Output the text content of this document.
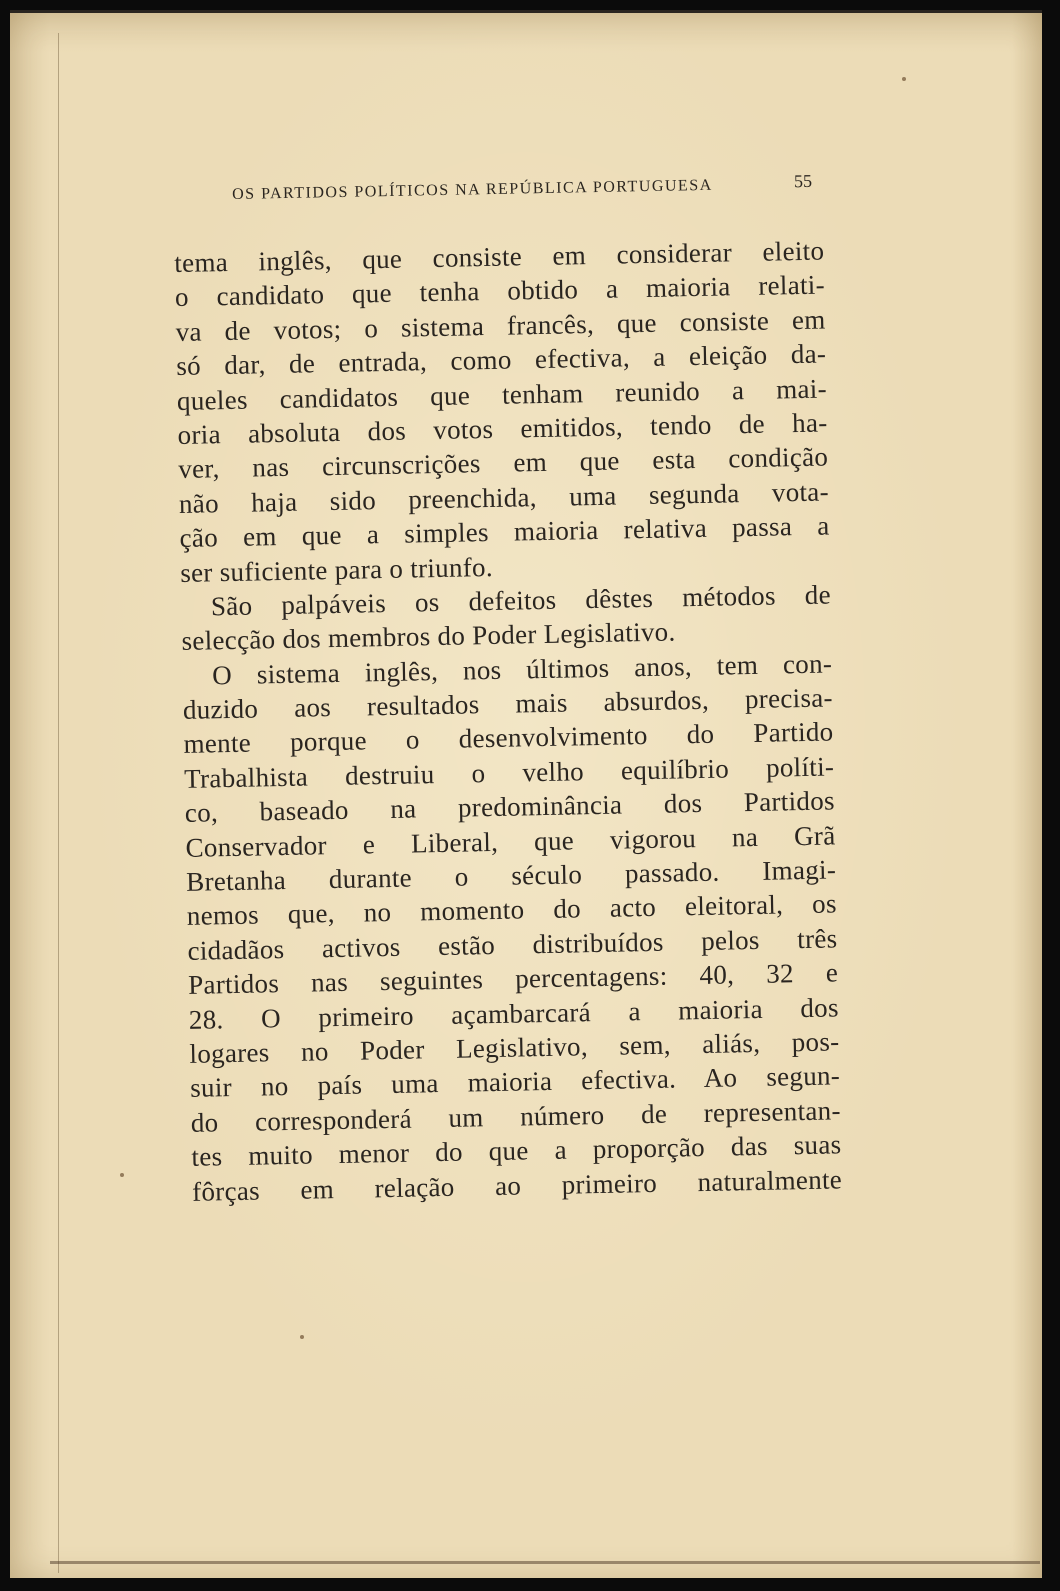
OS PARTIDOS POLÍTICOS NA REPÚBLICA PORTUGUESA	55
tema inglês, que consiste em considerar eleito
o candidato que tenha obtido a maioria relati-
va de votos; o sistema francês, que consiste em
só dar, de entrada, como efectiva, a eleição da-
queles candidatos que tenham reunido a mai-
oria absoluta dos votos emitidos, tendo de ha-
ver, nas circunscrições em que esta condição
não haja sido preenchida, uma segunda vota-
ção em que a simples maioria relativa passa a
ser suficiente para o triunfo.
São palpáveis os defeitos dêstes métodos de
selecção dos membros do Poder Legislativo.
O sistema inglês, nos últimos anos, tem con-
duzido aos resultados mais absurdos, precisa-
mente porque o desenvolvimento do Partido
Trabalhista destruiu o velho equilíbrio políti-
co, baseado na predominância dos Partidos
Conservador e Liberal, que vigorou na Grã
Bretanha durante o século passado. Imagi-
nemos que, no momento do acto eleitoral, os
cidadãos activos estão distribuídos pelos três
Partidos nas seguintes percentagens: 40, 32 e
28. O primeiro açambarcará a maioria dos
logares no Poder Legislativo, sem, aliás, pos-
suir no país uma maioria efectiva. Ao segun-
do corresponderá um número de representan-
tes muito menor do que a proporção das suas
fôrças em relação ao primeiro naturalmente
